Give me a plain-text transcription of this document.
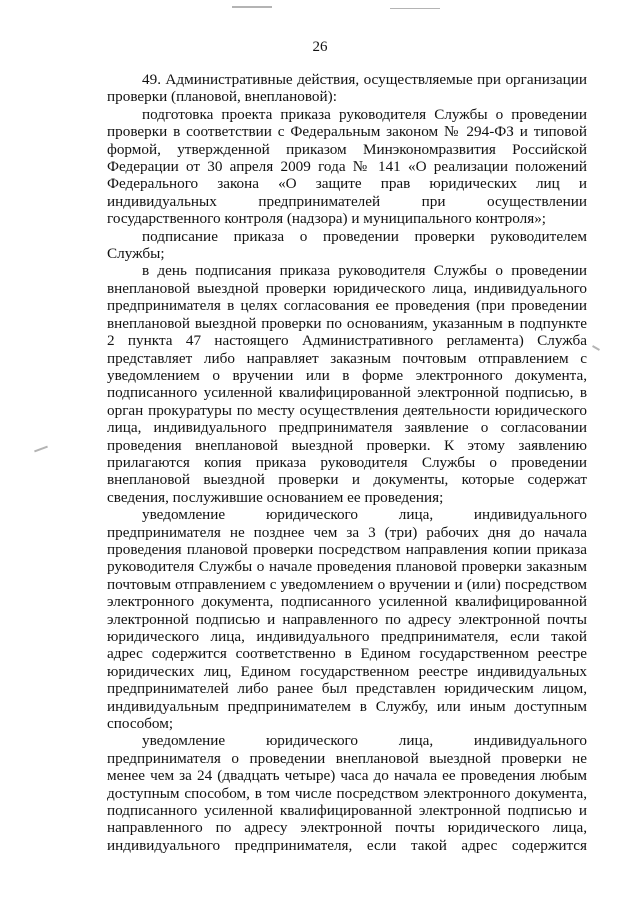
26

49. Административные действия, осуществляемые при организации проверки (плановой, внеплановой):

подготовка проекта приказа руководителя Службы о проведении проверки в соответствии с Федеральным законом № 294-ФЗ и типовой формой, утвержденной приказом Минэкономразвития Российской Федерации от 30 апреля 2009 года № 141 «О реализации положений Федерального закона «О защите прав юридических лиц и индивидуальных предпринимателей при осуществлении государственного контроля (надзора) и муниципального контроля»;

подписание приказа о проведении проверки руководителем Службы;

в день подписания приказа руководителя Службы о проведении внеплановой выездной проверки юридического лица, индивидуального предпринимателя в целях согласования ее проведения (при проведении внеплановой выездной проверки по основаниям, указанным в подпункте 2 пункта 47 настоящего Административного регламента) Служба представляет либо направляет заказным почтовым отправлением с уведомлением о вручении или в форме электронного документа, подписанного усиленной квалифицированной электронной подписью, в орган прокуратуры по месту осуществления деятельности юридического лица, индивидуального предпринимателя заявление о согласовании проведения внеплановой выездной проверки. К этому заявлению прилагаются копия приказа руководителя Службы о проведении внеплановой выездной проверки и документы, которые содержат сведения, послужившие основанием ее проведения;

уведомление юридического лица, индивидуального предпринимателя не позднее чем за 3 (три) рабочих дня до начала проведения плановой проверки посредством направления копии приказа руководителя Службы о начале проведения плановой проверки заказным почтовым отправлением с уведомлением о вручении и (или) посредством электронного документа, подписанного усиленной квалифицированной электронной подписью и направленного по адресу электронной почты юридического лица, индивидуального предпринимателя, если такой адрес содержится соответственно в Едином государственном реестре юридических лиц, Едином государственном реестре индивидуальных предпринимателей либо ранее был представлен юридическим лицом, индивидуальным предпринимателем в Службу, или иным доступным способом;

уведомление юридического лица, индивидуального предпринимателя о проведении внеплановой выездной проверки не менее чем за 24 (двадцать четыре) часа до начала ее проведения любым доступным способом, в том числе посредством электронного документа, подписанного усиленной квалифицированной электронной подписью и направленного по адресу электронной почты юридического лица, индивидуального предпринимателя, если такой адрес содержится
